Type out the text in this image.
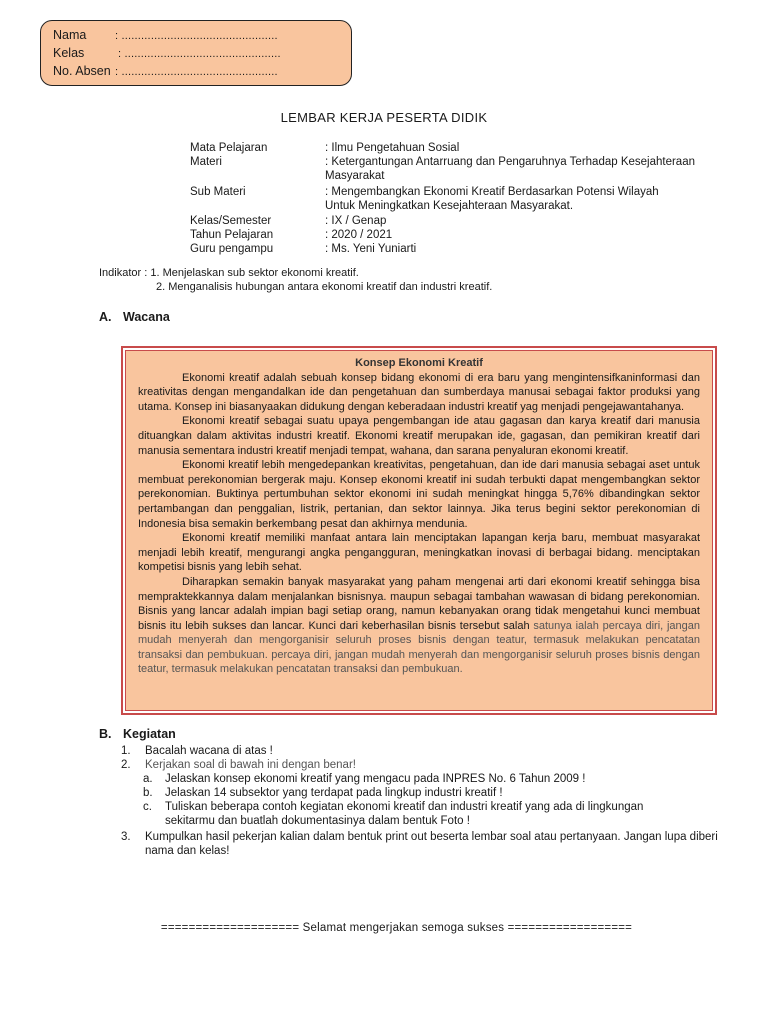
Nama	: ................................................
Kelas	: ................................................
No. Absen : ................................................
LEMBAR KERJA PESERTA DIDIK
Mata Pelajaran	: Ilmu Pengetahuan Sosial
Materi	: Ketergantungan Antarruang dan Pengaruhnya Terhadap Kesejahteraan Masyarakat
Sub Materi	: Mengembangkan Ekonomi Kreatif Berdasarkan Potensi Wilayah Untuk Meningkatkan Kesejahteraan Masyarakat.
Kelas/Semester	: IX / Genap
Tahun Pelajaran	: 2020 / 2021
Guru pengampu	: Ms. Yeni Yuniarti
Indikator : 1. Menjelaskan sub sektor ekonomi kreatif.
2. Menganalisis hubungan antara ekonomi kreatif dan industri kreatif.
A. Wacana
Konsep Ekonomi Kreatif

Ekonomi kreatif adalah sebuah konsep bidang ekonomi di era baru yang mengintensifkaninformasi dan kreativitas dengan mengandalkan ide dan pengetahuan dan sumberdaya manusai sebagai faktor produksi yang utama. Konsep ini biasanyaakan didukung dengan keberadaan industri kreatif yag menjadi pengejawantahanya.

Ekonomi kreatif sebagai suatu upaya pengembangan ide atau gagasan dan karya kreatif dari manusia dituangkan dalam aktivitas industri kreatif. Ekonomi kreatif merupakan ide, gagasan, dan pemikiran kreatif dari manusia sementara industri kreatif menjadi tempat, wahana, dan sarana penyaluran ekonomi kreatif.

Ekonomi kreatif lebih mengedepankan kreativitas, pengetahuan, dan ide dari manusia sebagai aset untuk membuat perekonomian bergerak maju. Konsep ekonomi kreatif ini sudah terbukti dapat mengembangkan sektor perekonomian. Buktinya pertumbuhan sektor ekonomi ini sudah meningkat hingga 5,76% dibandingkan sektor pertambangan dan penggalian, listrik, pertanian, dan sektor lainnya. Jika terus begini sektor perekonomian di Indonesia bisa semakin berkembang pesat dan akhirnya mendunia.

Ekonomi kreatif memiliki manfaat antara lain menciptakan lapangan kerja baru, membuat masyarakat menjadi lebih kreatif, mengurangi angka pengangguran, meningkatkan inovasi di berbagai bidang. menciptakan kompetisi bisnis yang lebih sehat.

Diharapkan semakin banyak masyarakat yang paham mengenai arti dari ekonomi kreatif sehingga bisa mempraktekkannya dalam menjalankan bisnisnya. maupun sebagai tambahan wawasan di bidang perekonomian. Bisnis yang lancar adalah impian bagi setiap orang, namun kebanyakan orang tidak mengetahui kunci membuat bisnis itu lebih sukses dan lancar. Kunci dari keberhasilan bisnis tersebut salah satunya ialah percaya diri, jangan mudah menyerah dan mengorganisir seluruh proses bisnis dengan teatur, termasuk melakukan pencatatan transaksi dan pembukuan. percaya diri, jangan mudah menyerah dan mengorganisir seluruh proses bisnis dengan teatur, termasuk melakukan pencatatan transaksi dan pembukuan.

B. Kegiatan
1. Bacalah wacana di atas !
2. Kerjakan soal di bawah ini dengan benar!
a. Jelaskan konsep ekonomi kreatif yang mengacu pada INPRES No. 6 Tahun 2009 !
b. Jelaskan 14 subsektor yang terdapat pada lingkup industri kreatif !
c. Tuliskan beberapa contoh kegiatan ekonomi kreatif dan industri kreatif yang ada di lingkungan sekitarmu dan buatlah dokumentasinya dalam bentuk Foto !
3. Kumpulkan hasil pekerjan kalian dalam bentuk print out beserta lembar soal atau pertanyaan. Jangan lupa diberi nama dan kelas!
==================== Selamat mengerjakan semoga sukses ==================
